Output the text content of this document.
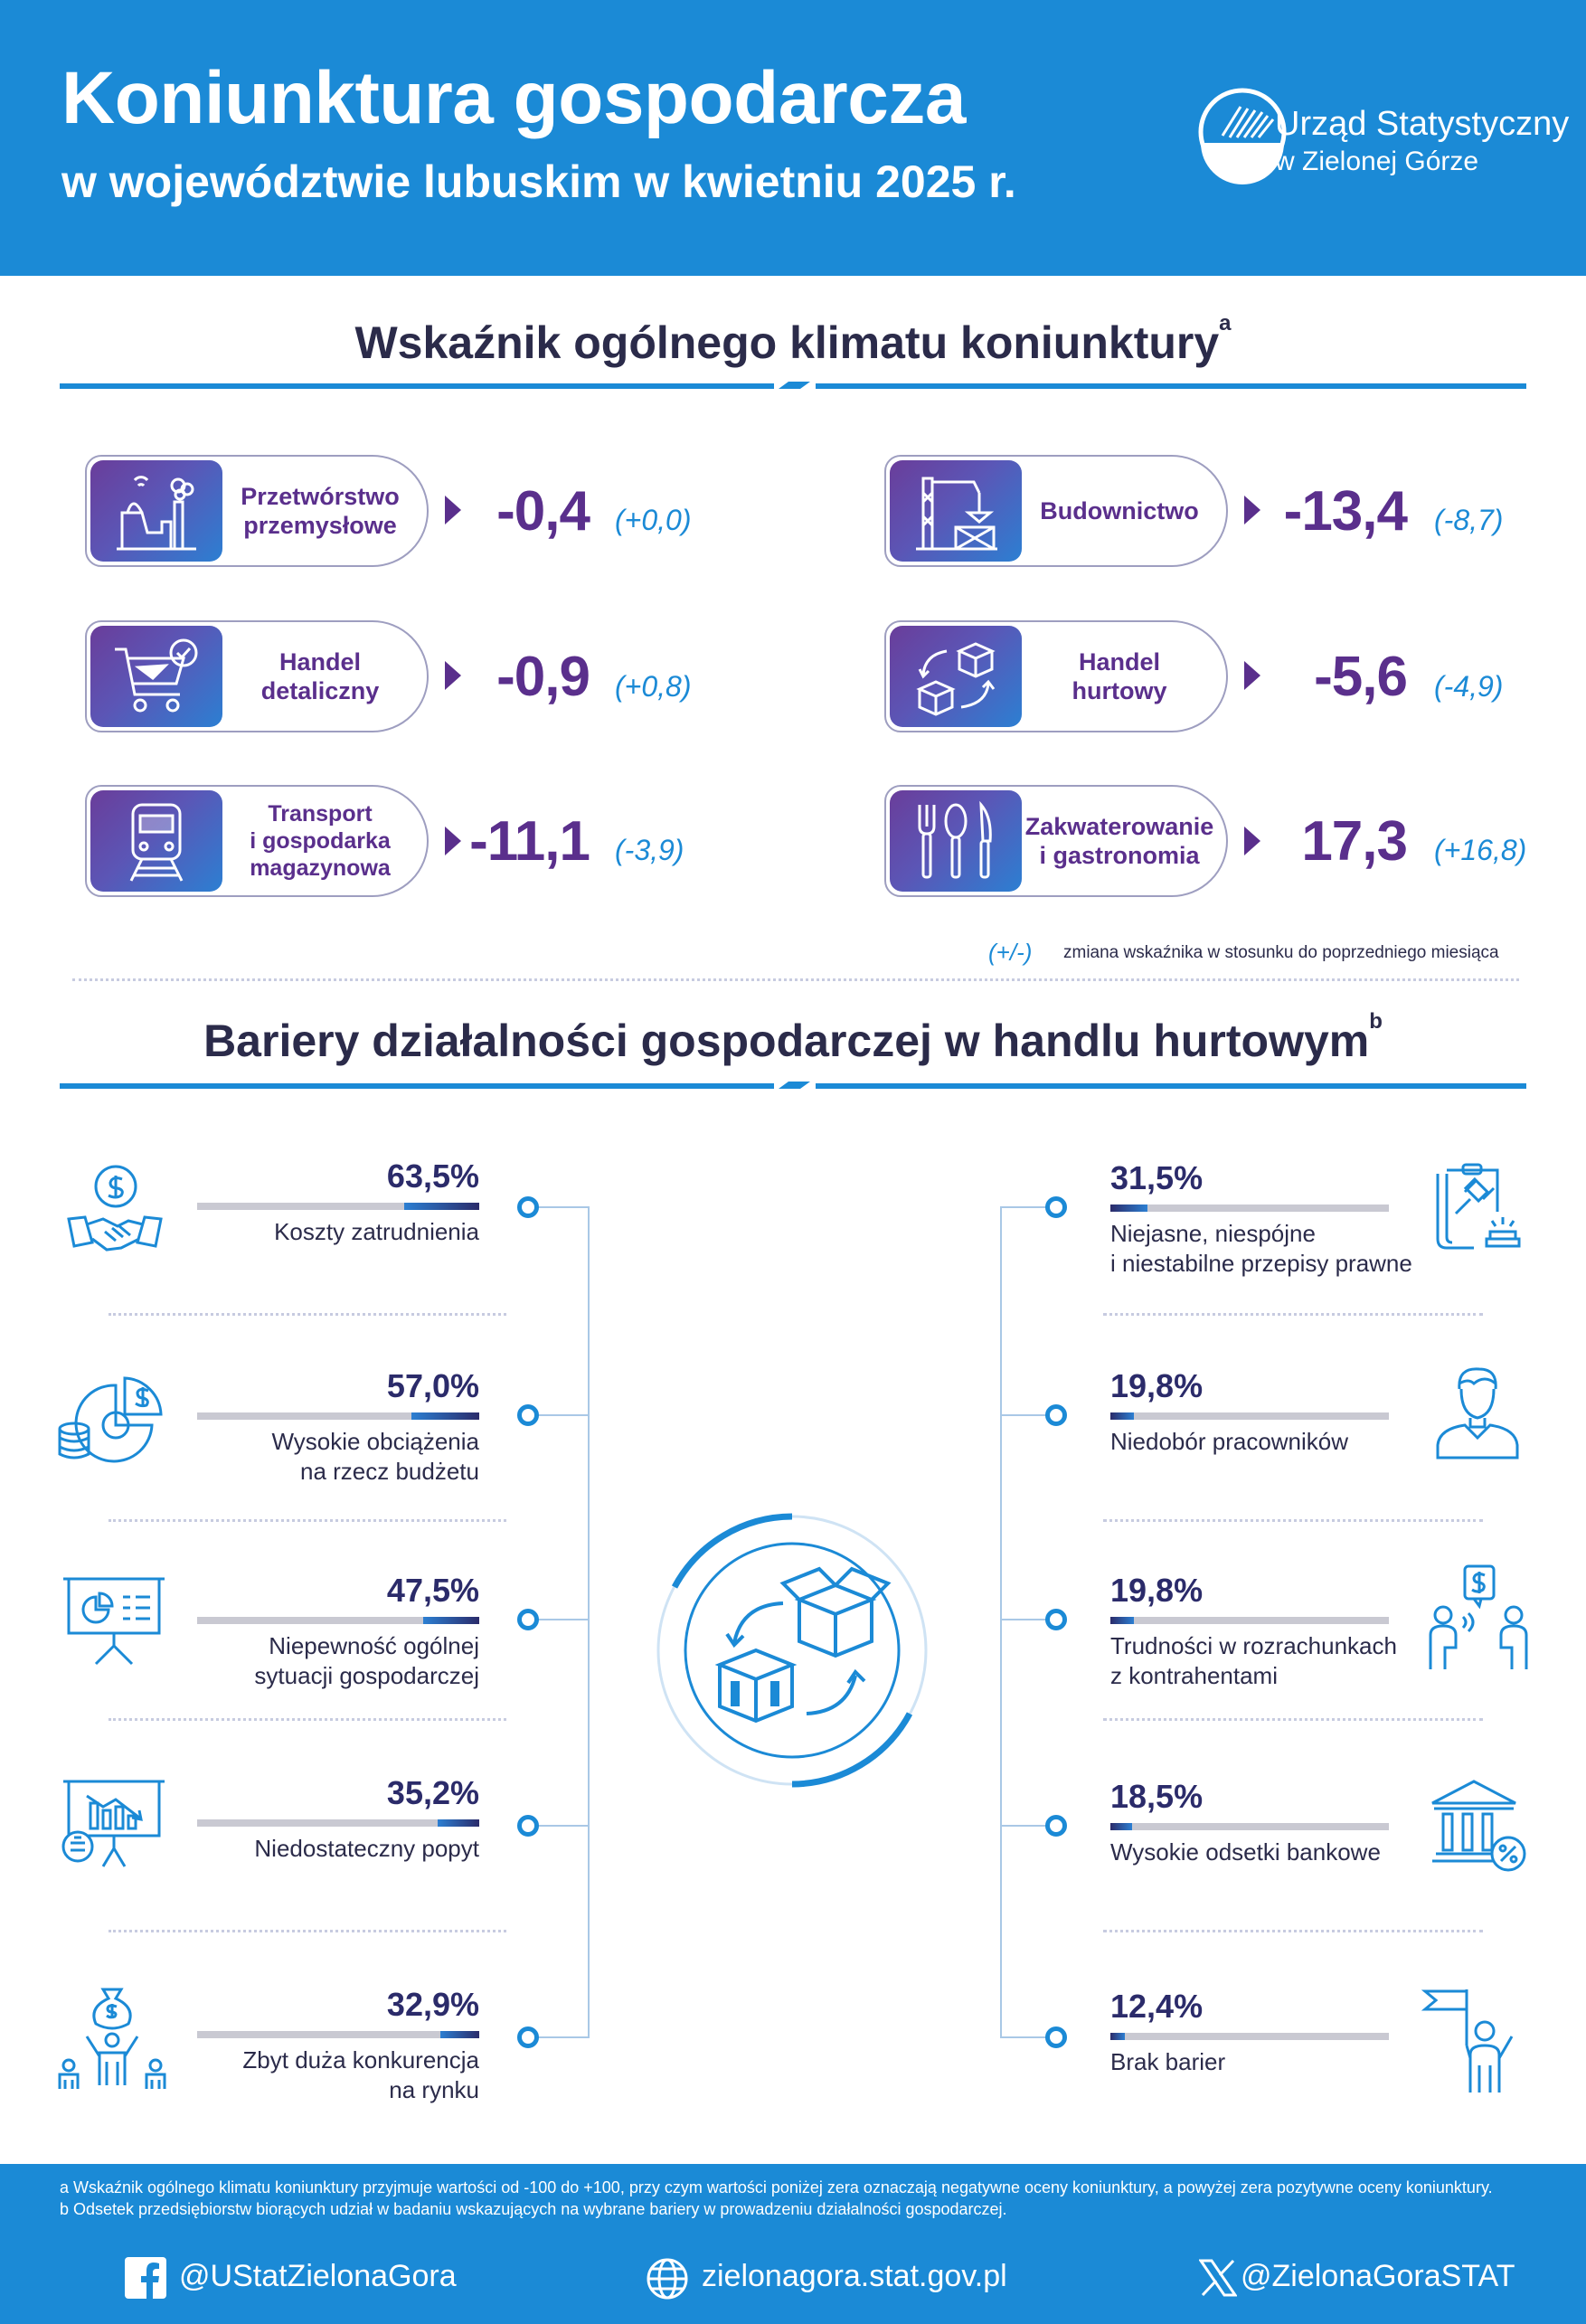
Koniunktura gospodarcza
w województwie lubuskim w kwietniu 2025 r.
Urząd Statystyczny
w Zielonej Górze
Wskaźnik ogólnego klimatu koniunktury$^a$
Przetwórstwo
przemysłowe	-0,4 (+0,0)	Budownictwo	-13,4 (-8,7)
Handel
detaliczny	-0,9 (+0,8)
Handel
hurtowy	-5,6 (-4,9)
Transport
i gospodarka
magazynowa	-11,1 (-3,9)
Zakwaterowanie
i gastronomia	17,3 (+16,8)
(+/-) zmiana wskaźnika w stosunku do poprzedniego miesiąca
Bariery działalności gospodarczej w handlu hurtowym$^b$
63,5%
Koszty zatrudnienia
57,0%
Wysokie obciążenia
na rzecz budżetu
47,5%
Niepewność ogólnej
sytuacji gospodarczej
35,2%
Niedostateczny popyt
32,9%
Zbyt duża konkurencja
na rynku
31,5%
Niejasne, niespójne
i niestabilne przepisy prawne
19,8%
Niedobór pracowników
19,8%
Trudności w rozrachunkach
z kontrahentami
18,5%
Wysokie odsetki bankowe
12,4%
Brak barier
a Wskaźnik ogólnego klimatu koniunktury przyjmuje wartości od -100 do +100, przy czym wartości poniżej zera oznaczają negatywne oceny koniunktury, a powyżej zera pozytywne oceny koniunktury.
b Odsetek przedsiębiorstw biorących udział w badaniu wskazujących na wybrane bariery w prowadzeniu działalności gospodarczej.
@UStatZielonaGora	zielonagora.stat.gov.pl	@ZielonaGoraSTAT
